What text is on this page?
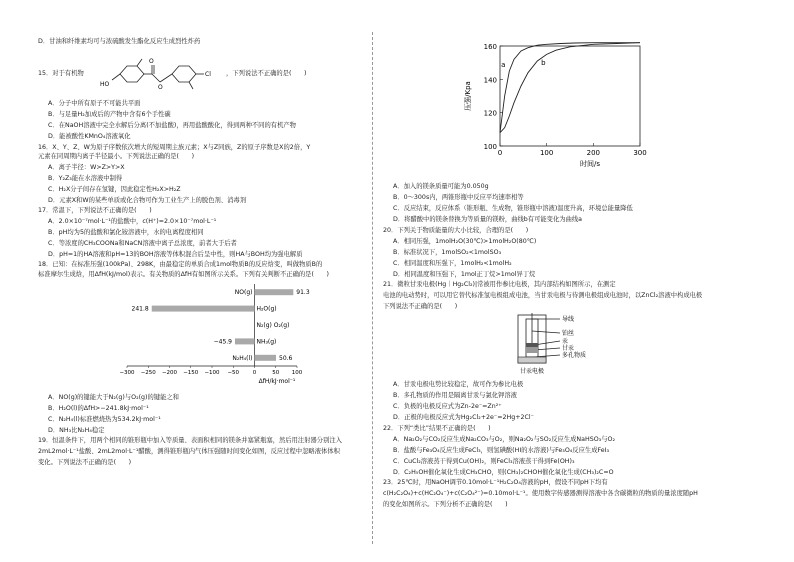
D．甘油和纤维素均可与浓硫酸发生酯化反应生成烈性炸药
15．对于有机物
HO
O
O
Cl ，下列说法不正确的是(　　)
A．分子中所有原子不可能共平面
B．与足量H₂加成后的产物中含有6个手性碳
C．在NaOH溶液中完全水解后分离(不加盐酸)，再用盐酸酸化，得到两种不同的有机产物
D．能被酸性KMnO₄溶液氧化
16．X、Y、Z、W为原子序数依次增大的短周期主族元素；X与Z同族，Z的原子序数是X的2倍，Y
元素在同周期内离子半径最小。下列说法正确的是(　　)
A．离子半径：W>Z>Y>X
B．Y₂Z₃能在水溶液中制得
C．H₂X分子间存在氢键，因此稳定性H₂X>H₂Z
D．元素X和W的某些单质或化合物可作为工业生产上的脱色剂、消毒剂
17．常温下，下列说法不正确的是(　　)
A．2.0×10⁻⁷mol·L⁻¹的盐酸中，c(H⁺)=2.0×10⁻⁷mol·L⁻¹
B．pH均为5的盐酸和氯化铵溶液中，水的电离程度相同
C．等浓度的CH₃COONa和NaCN溶液中离子总浓度，前者大于后者
D．pH=1的HA溶液和pH=13的BOH溶液等体积混合后呈中性，则HA与BOH均为强电解质
18．已知：在标准压强(100kPa)、298K，由最稳定的单质合成1mol物质B的反应焓变，叫做物质B的
标准摩尔生成焓，用ΔfH(kJ/mol)表示。有关物质的ΔfH有如图所示关系。下列有关判断不正确的是(　　)
−300 −250 −200 −150 −100 −50 0	50 100
ΔfH/kJ·mol⁻¹
NO(g)	91.3
H₂O(g)
241.8
N₂(g) O₂(g)
NH₃(g)
−45.9
N₂H₄(l)	50.6
A．NO(g)的键能大于N₂(g)与O₂(g)的键能之和
B．H₂O(l)的ΔfH>−241.8kJ·mol⁻¹
C．N₂H₄(l)标准燃烧热为534.2kJ·mol⁻¹
D．NH₃比N₂H₄稳定
19．恒温条件下，用两个相同的锥形瓶中加入等质量、表面积相同的镁条并塞紧瓶塞，然后用注射器分别注入
2mL2mol·L⁻¹盐酸、2mL2mol·L⁻¹醋酸，测得锥形瓶内气体压强随时间变化如图，反应过程中忽略液体体积
变化。下列说法不正确的是(　　)
0	100	200	300
100
120
140
160
时间/s
压强/Kpa
a	b
A．加入的镁条质量可能为0.050g
B．0～300s内，两锥形瓶中反应平均速率相等
C．反应结束，反应体系（锥形瓶、生成物，锥形瓶中溶液)温度升高，环境总能量降低
D．将醋酸中的镁条替换为等质量的镁粉，曲线b有可能变化为曲线a
20．下列关于物质能量的大小比较，合理的是(　　)
A．相同压强，1molH₂O(30℃)>1molH₂O(80℃)
B．标准状况下，1molSO₂<1molSO₃
C．相同温度和压强下，1molH₂<1molH₂
D．相同温度和压强下，1mol正丁烷>1mol异丁烷
21．微粒甘汞电极(Hg｜Hg₂Cl₂)|常被用作参比电极，其内部结构如图所示，在测定
电池的电动势时，可以用它替代标准氢电极组成电池，当甘汞电极与待测电极组成电池时，以ZnCl₂溶液中构成电极
下列说法不正确的是(　　)
导线
铂丝
汞
甘汞
多孔物质
甘汞电极
A．甘汞电极电势比较稳定，故可作为参比电极
B．多孔物质的作用是隔离甘汞与氯化钾溶液
C．负极的电极反应式为Zn-2e⁻=Zn²⁺
D．正极的电极反应式为Hg₂Cl₂+2e⁻=2Hg+2Cl⁻
22．下列“类比”结果不正确的是(　　)
A．Na₂O₂与CO₂反应生成Na₂CO₃与O₂，则Na₂O₂与SO₂反应生成NaHSO₃与O₂
B．盐酸与Fe₃O₄反应生成FeCl₃，则氢碘酸(HI的水溶液)与Fe₃O₄反应生成FeI₃
C．CuCl₂溶液蒸干得到Cu(OH)₂，则FeCl₃溶液蒸干得到Fe(OH)₃
D．C₂H₅OH催化氧化生成CH₃CHO，则(CH₃)₂CHOH催化氧化生成(CH₃)₂C=O
23．25℃时，用NaOH调节0.10mol·L⁻¹H₂C₂O₄溶液的pH，假设不同pH下均有
c(H₂C₂O₄)+c(HC₂O₄⁻)+c(C₂O₄²⁻)=0.10mol·L⁻¹。使用数字传感器测得溶液中各含碳微粒的物质的量浓度随pH
的变化如图所示。下列分析不正确的是(　　)
